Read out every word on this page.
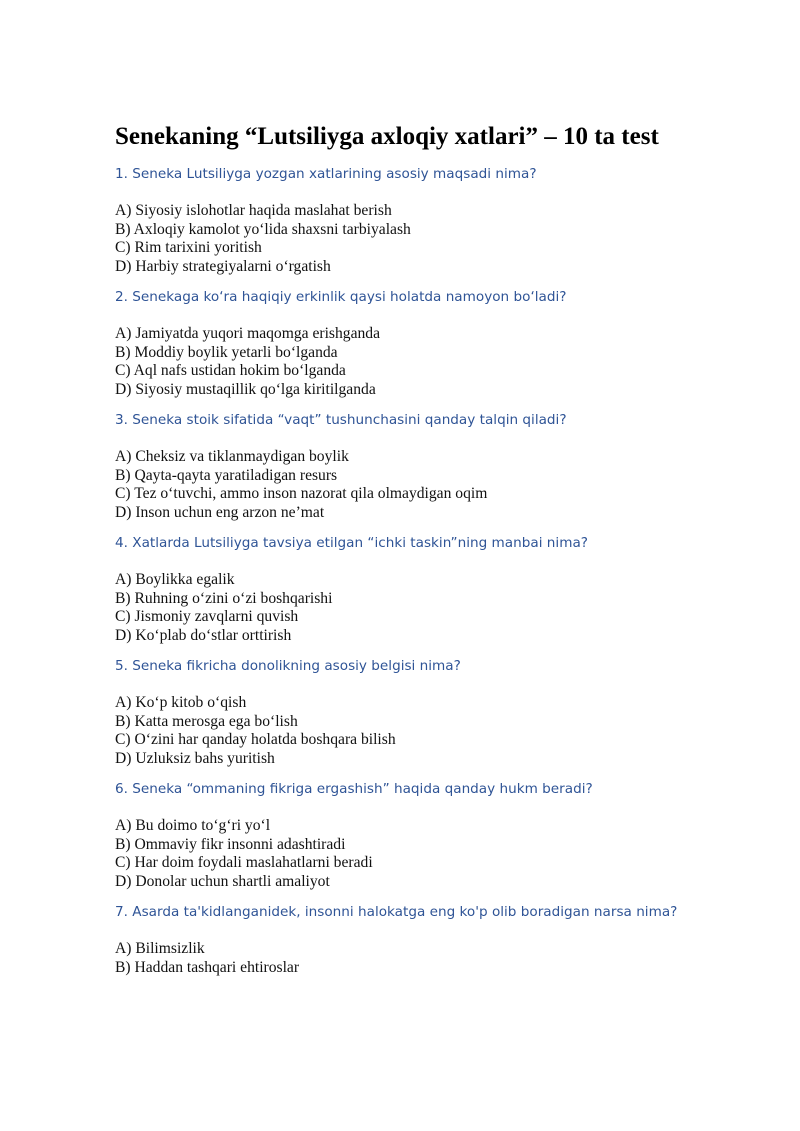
Senekaning “Lutsiliyga axloqiy xatlari” – 10 ta test

1. Seneka Lutsiliyga yozgan xatlarining asosiy maqsadi nima?

A) Siyosiy islohotlar haqida maslahat berish
B) Axloqiy kamolot yo‘lida shaxsni tarbiyalash
C) Rim tarixini yoritish
D) Harbiy strategiyalarni o‘rgatish

2. Senekaga ko‘ra haqiqiy erkinlik qaysi holatda namoyon bo‘ladi?

A) Jamiyatda yuqori maqomga erishganda
B) Moddiy boylik yetarli bo‘lganda
C) Aql nafs ustidan hokim bo‘lganda
D) Siyosiy mustaqillik qo‘lga kiritilganda

3. Seneka stoik sifatida “vaqt” tushunchasini qanday talqin qiladi?

A) Cheksiz va tiklanmaydigan boylik
B) Qayta-qayta yaratiladigan resurs
C) Tez o‘tuvchi, ammo inson nazorat qila olmaydigan oqim
D) Inson uchun eng arzon ne’mat

4. Xatlarda Lutsiliyga tavsiya etilgan “ichki taskin”ning manbai nima?

A) Boylikka egalik
B) Ruhning o‘zini o‘zi boshqarishi
C) Jismoniy zavqlarni quvish
D) Ko‘plab do‘stlar orttirish

5. Seneka fikricha donolikning asosiy belgisi nima?

A) Ko‘p kitob o‘qish
B) Katta merosga ega bo‘lish
C) O‘zini har qanday holatda boshqara bilish
D) Uzluksiz bahs yuritish

6. Seneka “ommaning fikriga ergashish” haqida qanday hukm beradi?

A) Bu doimo to‘g‘ri yo‘l
B) Ommaviy fikr insonni adashtiradi
C) Har doim foydali maslahatlarni beradi
D) Donolar uchun shartli amaliyot

7. Asarda ta'kidlanganidek, insonni halokatga eng ko'p olib boradigan narsa nima?

A) Bilimsizlik
B) Haddan tashqari ehtiroslar
